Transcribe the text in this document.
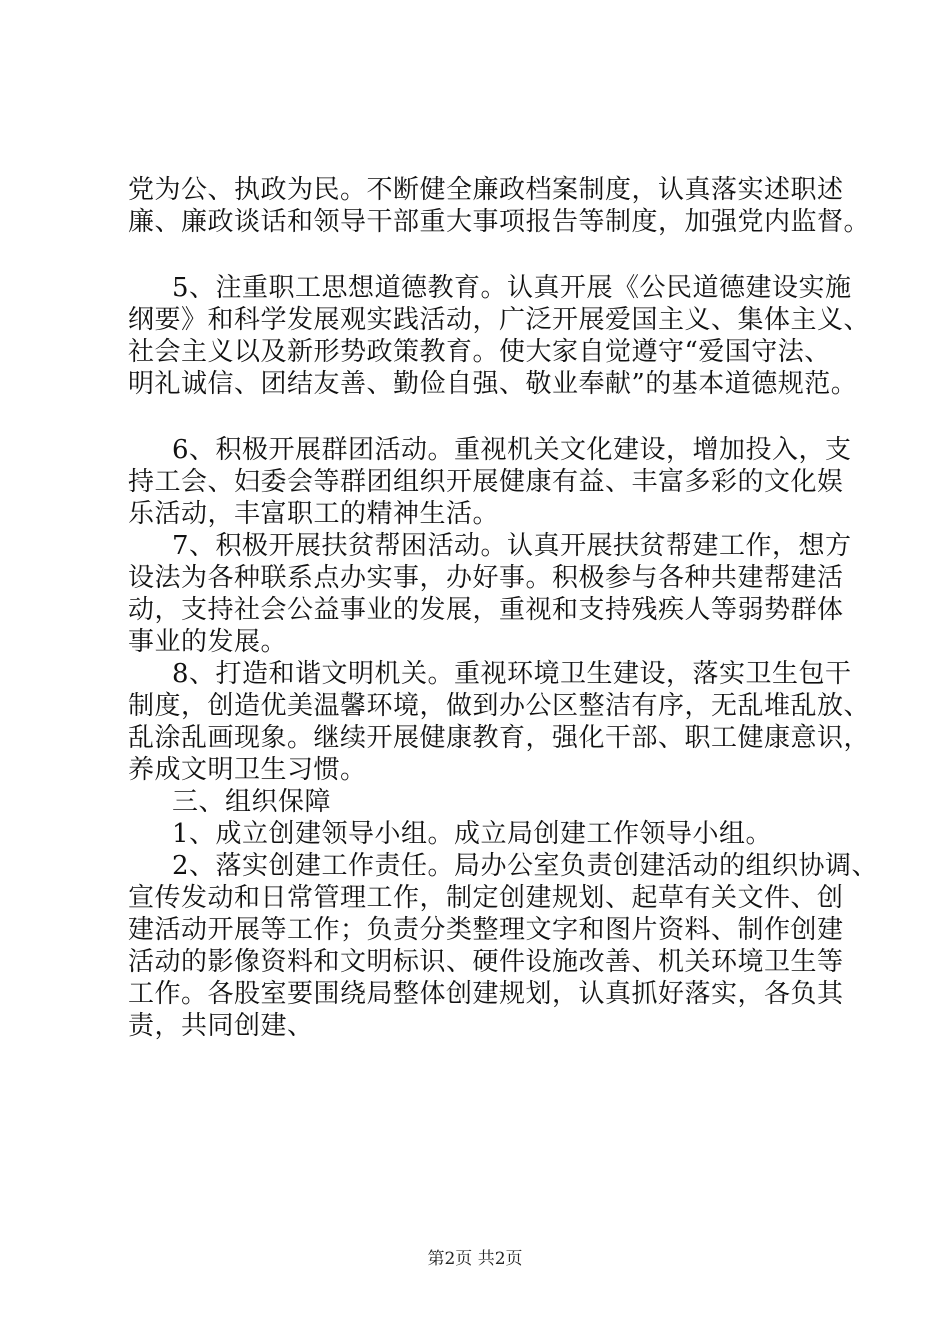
党为公、执政为民。不断健全廉政档案制度，认真落实述职述
廉、廉政谈话和领导干部重大事项报告等制度，加强党内监督。
5、注重职工思想道德教育。认真开展《公民道德建设实施
纲要》和科学发展观实践活动，广泛开展爱国主义、集体主义、
社会主义以及新形势政策教育。使大家自觉遵守“爱国守法、
明礼诚信、团结友善、勤俭自强、敬业奉献”的基本道德规范。
6、积极开展群团活动。重视机关文化建设，增加投入，支
持工会、妇委会等群团组织开展健康有益、丰富多彩的文化娱
乐活动，丰富职工的精神生活。
7、积极开展扶贫帮困活动。认真开展扶贫帮建工作，想方
设法为各种联系点办实事，办好事。积极参与各种共建帮建活
动，支持社会公益事业的发展，重视和支持残疾人等弱势群体
事业的发展。
8、打造和谐文明机关。重视环境卫生建设，落实卫生包干
制度，创造优美温馨环境，做到办公区整洁有序，无乱堆乱放、
乱涂乱画现象。继续开展健康教育，强化干部、职工健康意识，
养成文明卫生习惯。
三、组织保障
1、成立创建领导小组。成立局创建工作领导小组。
2、落实创建工作责任。局办公室负责创建活动的组织协调、
宣传发动和日常管理工作，制定创建规划、起草有关文件、创
建活动开展等工作；负责分类整理文字和图片资料、制作创建
活动的影像资料和文明标识、硬件设施改善、机关环境卫生等
工作。各股室要围绕局整体创建规划，认真抓好落实，各负其
责，共同创建、
第2页 共2页
